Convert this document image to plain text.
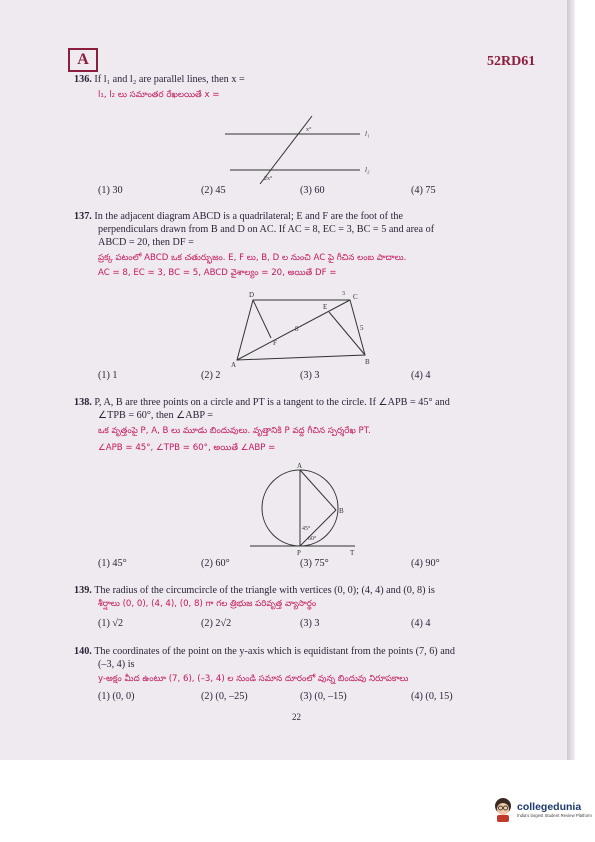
A	52RD61
136. If l₁ and l₂ are parallel lines, then x =
l₁, l₂ లు సమాంతర రేఖలయితే x =
x°
2x°
l₁
l₂
(1) 30	(2) 45	(3) 60	(4) 75
137. In the adjacent diagram ABCD is a quadrilateral; E and F are the foot of the
perpendiculars drawn from B and D on AC. If AC = 8, EC = 3, BC = 5 and area of
ABCD = 20, then DF =
ప్రక్క పటంలో ABCD ఒక చతుర్భుజం. E, F లు, B, D ల నుంచి AC పై గీచిన లంబ పాదాలు.
AC = 8, EC = 3, BC = 5, ABCD వైశాల్యం = 20, అయితే DF =
D
E
C
A	B
F
8
3
5
(1) 1	(2) 2	(3) 3	(4) 4
138. P, A, B are three points on a circle and PT is a tangent to the circle. If ∠APB = 45° and
∠TPB = 60°, then ∠ABP =
ఒక వృత్తంపై P, A, B లు మూడు బిందువులు. వృత్తానికి P వద్ద గీచిన స్పర్శరేఖ PT.
∠APB = 45°, ∠TPB = 60°, అయితే ∠ABP =
A
B
P	T
45°
60°
(1) 45°	(2) 60°	(3) 75°	(4) 90°
139. The radius of the circumcircle of the triangle with vertices (0, 0); (4, 4) and (0, 8) is
శీర్షాలు (0, 0), (4, 4), (0, 8) గా గల త్రిభుజ పరివృత్త వ్యాసార్థం
(1) √2	(2) 2√2	(3) 3	(4) 4
140. The coordinates of the point on the y-axis which is equidistant from the points (7, 6) and
(–3, 4) is
y-అక్షం మీద ఉంటూ (7, 6), (–3, 4) ల నుండి సమాన దూరంలో వున్న బిందువు నిరూపకాలు
(1) (0, 0)	(2) (0, –25)	(3) (0, –15)	(4) (0, 15)
22
collegedunia
India's largest Student Review Platform
